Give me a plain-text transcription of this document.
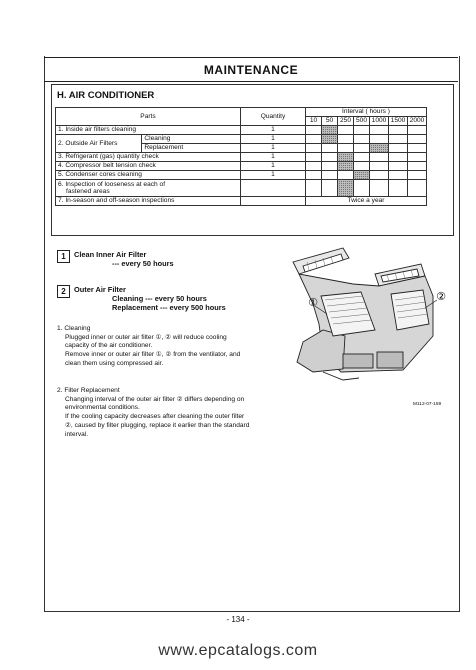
MAINTENANCE
H. AIR CONDITIONER
Parts		Quantity	Interval ( hours )						
			10	50	250	500	1000	1500	2000
1. Inside air filters cleaning		1							
2. Outside Air Filters	Cleaning	1							
	Replacement	1							
3. Refrigerant (gas) quantity check		1							
4. Compressor belt tension check		1							
5. Condenser cores cleaning		1							

6. Inspection of looseness at each of
fastened areas									

7. In-season and off-season inspections			Twice a year						
1	Clean Inner Air Filter
--- every 50 hours
2	Outer Air Filter
Cleaning --- every 50 hours
Replacement --- every 500 hours
1. Cleaning
Plugged inner or outer air filter ①, ② will reduce cooling capacity of the air conditioner.
Remove inner or outer air filter ①, ② from the ventilator, and clean them using compressed air.
2. Filter Replacement
Changing interval of the outer air filter ② differs depending on environmental conditions.
If the cooling capacity decreases after cleaning the outer filter ②, caused by filter plugging, replace it earlier than the standard interval.
①	②
M112-07-159
- 134 -
www.epcatalogs.com
